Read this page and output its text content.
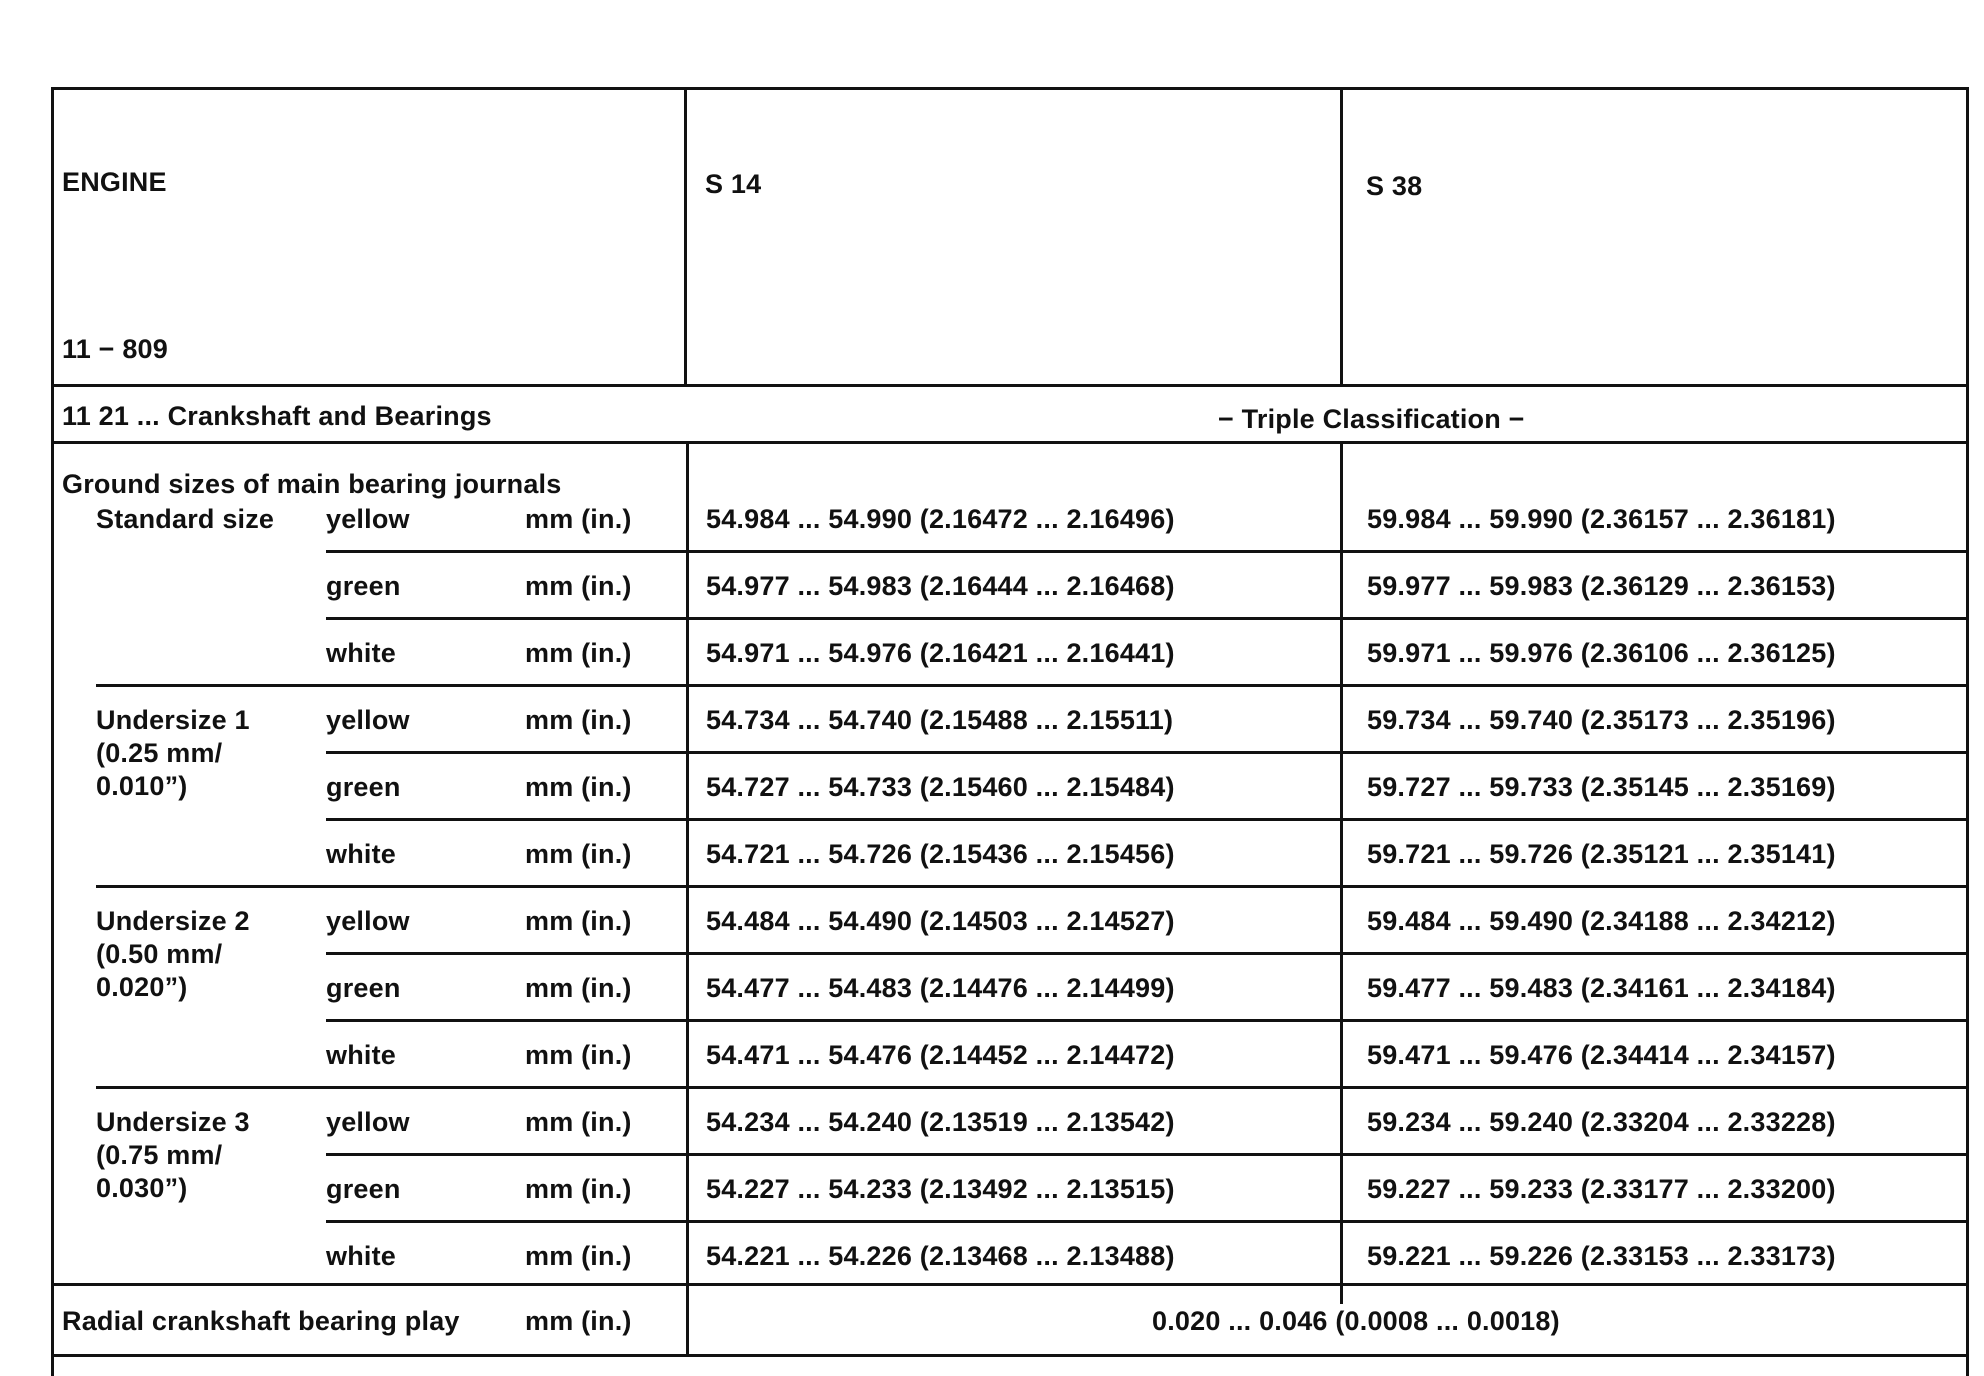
ENGINE
11 − 809
S 14	S 38
11 21 ... Crankshaft and Bearings	− Triple Classification −
Ground sizes of main bearing journals
Standard size yellow	mm (in.)	54.984 ... 54.990 (2.16472 ... 2.16496)	59.984 ... 59.990 (2.36157 ... 2.36181)
green	mm (in.)	54.977 ... 54.983 (2.16444 ... 2.16468)	59.977 ... 59.983 (2.36129 ... 2.36153)
white	mm (in.)	54.971 ... 54.976 (2.16421 ... 2.16441)	59.971 ... 59.976 (2.36106 ... 2.36125)
Undersize 1
(0.25 mm/
0.010”)
yellow	mm (in.)	54.734 ... 54.740 (2.15488 ... 2.15511)	59.734 ... 59.740 (2.35173 ... 2.35196)
green	mm (in.)	54.727 ... 54.733 (2.15460 ... 2.15484)	59.727 ... 59.733 (2.35145 ... 2.35169)
white	mm (in.)	54.721 ... 54.726 (2.15436 ... 2.15456)	59.721 ... 59.726 (2.35121 ... 2.35141)
Undersize 2
(0.50 mm/
0.020”)
yellow	mm (in.)	54.484 ... 54.490 (2.14503 ... 2.14527)	59.484 ... 59.490 (2.34188 ... 2.34212)
green	mm (in.)	54.477 ... 54.483 (2.14476 ... 2.14499)	59.477 ... 59.483 (2.34161 ... 2.34184)
white	mm (in.)	54.471 ... 54.476 (2.14452 ... 2.14472)	59.471 ... 59.476 (2.34414 ... 2.34157)
Undersize 3
(0.75 mm/
0.030”)
yellow	mm (in.)	54.234 ... 54.240 (2.13519 ... 2.13542)	59.234 ... 59.240 (2.33204 ... 2.33228)
green	mm (in.)	54.227 ... 54.233 (2.13492 ... 2.13515)	59.227 ... 59.233 (2.33177 ... 2.33200)
white	mm (in.)	54.221 ... 54.226 (2.13468 ... 2.13488)	59.221 ... 59.226 (2.33153 ... 2.33173)
Radial crankshaft bearing play mm (in.)	0.020 ... 0.046 (0.0008 ... 0.0018)
